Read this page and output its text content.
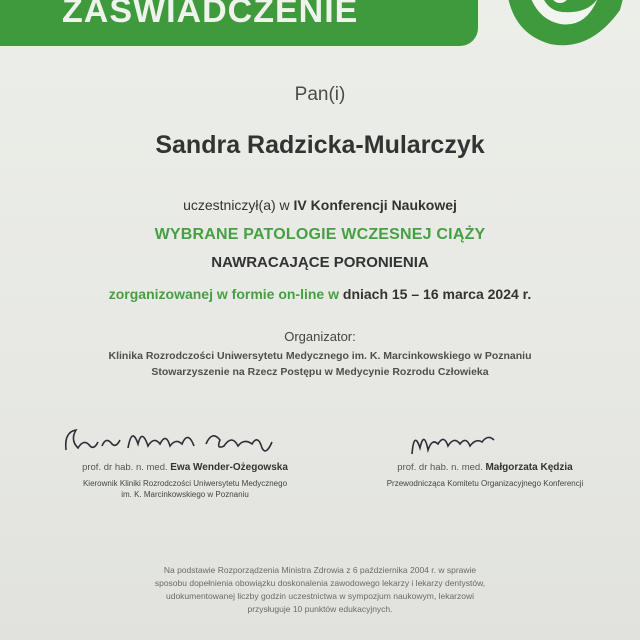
ZASWIADCZENIE
Pan(i)
Sandra Radzicka-Mularczyk
uczestniczył(a) w IV Konferencji Naukowej
WYBRANE PATOLOGIE WCZESNEJ CIĄŻY
NAWRACAJĄCE PORONIENIA
zorganizowanej w formie on-line w dniach 15 – 16 marca 2024 r.
Organizator:
Klinika Rozrodczości Uniwersytetu Medycznego im. K. Marcinkowskiego w Poznaniu
Stowarzyszenie na Rzecz Postępu w Medycynie Rozrodu Człowieka
prof. dr hab. n. med. Ewa Wender-Ożegowska
Kierownik Kliniki Rozrodczości Uniwersytetu Medycznego
im. K. Marcinkowskiego w Poznaniu
prof. dr hab. n. med. Małgorzata Kędzia
Przewodnicząca Komitetu Organizacyjnego Konferencji
Na podstawie Rozporządzenia Ministra Zdrowia z 6 października 2004 r. w sprawie
sposobu dopełnienia obowiązku doskonalenia zawodowego lekarzy i lekarzy dentystów,
udokumentowanej liczby godzin uczestnictwa w sympozjum naukowym, lekarzowi
przysługuje 10 punktów edukacyjnych.
